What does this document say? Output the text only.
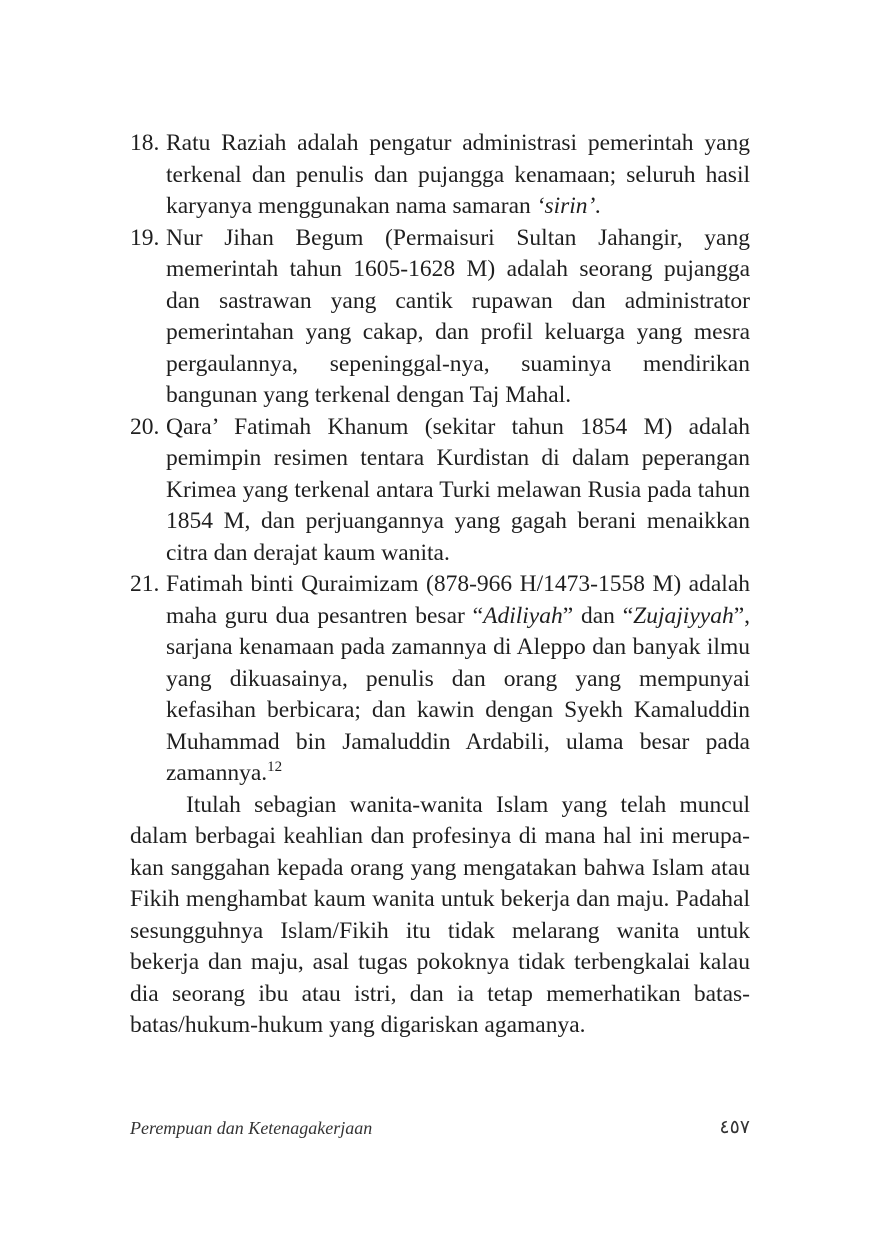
18. Ratu Raziah adalah pengatur administrasi pemerintah yang terkenal dan penulis dan pujangga kenamaan; seluruh hasil karyanya menggunakan nama samaran ‘sirin’.
19. Nur Jihan Begum (Permaisuri Sultan Jahangir, yang memerintah tahun 1605-1628 M) adalah seorang pujangga dan sastrawan yang cantik rupawan dan administrator pemerintahan yang cakap, dan profil keluarga yang mesra pergaulannya, sepeninggal-nya, suaminya mendirikan bangunan yang terkenal dengan Taj Mahal.
20. Qara’ Fatimah Khanum (sekitar tahun 1854 M) adalah pemimpin resimen tentara Kurdistan di dalam peperangan Krimea yang terkenal antara Turki melawan Rusia pada tahun 1854 M, dan perjuangannya yang gagah berani menaikkan citra dan derajat kaum wanita.
21. Fatimah binti Quraimizam (878-966 H/1473-1558 M) adalah maha guru dua pesantren besar “Adiliyah” dan “Zujajiyyah”, sarjana kenamaan pada zamannya di Aleppo dan banyak ilmu yang dikuasainya, penulis dan orang yang mempunyai kefasihan berbicara; dan kawin dengan Syekh Kamaluddin Muhammad bin Jamaluddin Ardabili, ulama besar pada zamannya.$^{12}$

Itulah sebagian wanita-wanita Islam yang telah muncul dalam berbagai keahlian dan profesinya di mana hal ini merupa-kan sanggahan kepada orang yang mengatakan bahwa Islam atau Fikih menghambat kaum wanita untuk bekerja dan maju. Padahal sesungguhnya Islam/Fikih itu tidak melarang wanita untuk bekerja dan maju, asal tugas pokoknya tidak terbengkalai kalau dia seorang ibu atau istri, dan ia tetap memerhatikan batas-batas/hukum-hukum yang digariskan agamanya.

Perempuan dan Ketenagakerjaan	٤٥٧
